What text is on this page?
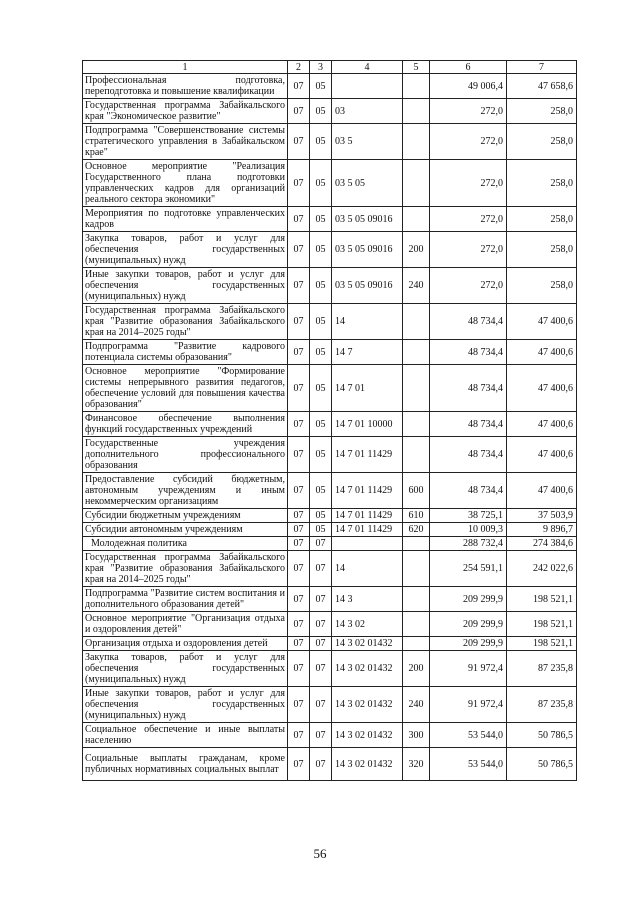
1	2	3	4	5	6	7
Профессиональная подготовка, переподготовка и повышение квалификации	07	05			49 006,4	47 658,6
Государственная программа Забайкальского края "Экономическое развитие"	07	05	03		272,0	258,0
Подпрограмма "Совершенствование системы стратегического управления в Забайкальском крае"	07	05	03 5		272,0	258,0
Основное мероприятие "Реализация Государственного плана подготовки управленческих кадров для организаций реального сектора экономики"	07	05	03 5 05		272,0	258,0
Мероприятия по подготовке управленческих кадров	07	05	03 5 05 09016		272,0	258,0
Закупка товаров, работ и услуг для обеспечения государственных (муниципальных) нужд	07	05	03 5 05 09016	200	272,0	258,0
Иные закупки товаров, работ и услуг для обеспечения государственных (муниципальных) нужд	07	05	03 5 05 09016	240	272,0	258,0
Государственная программа Забайкальского края "Развитие образования Забайкальского края на 2014–2025 годы"	07	05	14		48 734,4	47 400,6
Подпрограмма "Развитие кадрового потенциала системы образования"	07	05	14 7		48 734,4	47 400,6
Основное мероприятие "Формирование системы непрерывного развития педагогов, обеспечение условий для повышения качества образования"	07	05	14 7 01		48 734,4	47 400,6
Финансовое обеспечение выполнения функций государственных учреждений	07	05	14 7 01 10000		48 734,4	47 400,6
Государственные учреждения дополнительного профессионального образования	07	05	14 7 01 11429		48 734,4	47 400,6
Предоставление субсидий бюджетным, автономным учреждениям и иным некоммерческим организациям	07	05	14 7 01 11429	600	48 734,4	47 400,6
Субсидии бюджетным учреждениям	07	05	14 7 01 11429	610	38 725,1	37 503,9
Субсидии автономным учреждениям	07	05	14 7 01 11429	620	10 009,3	9 896,7
Молодежная политика	07	07			288 732,4	274 384,6
Государственная программа Забайкальского края "Развитие образования Забайкальского края на 2014–2025 годы"	07	07	14		254 591,1	242 022,6
Подпрограмма "Развитие систем воспитания и дополнительного образования детей"	07	07	14 3		209 299,9	198 521,1
Основное мероприятие "Организация отдыха и оздоровления детей"	07	07	14 3 02		209 299,9	198 521,1
Организация отдыха и оздоровления детей	07	07	14 3 02 01432		209 299,9	198 521,1
Закупка товаров, работ и услуг для обеспечения государственных (муниципальных) нужд	07	07	14 3 02 01432	200	91 972,4	87 235,8
Иные закупки товаров, работ и услуг для обеспечения государственных (муниципальных) нужд	07	07	14 3 02 01432	240	91 972,4	87 235,8
Социальное обеспечение и иные выплаты населению	07	07	14 3 02 01432	300	53 544,0	50 786,5
Социальные выплаты гражданам, кроме публичных нормативных социальных выплат	07	07	14 3 02 01432	320	53 544,0	50 786,5
56
